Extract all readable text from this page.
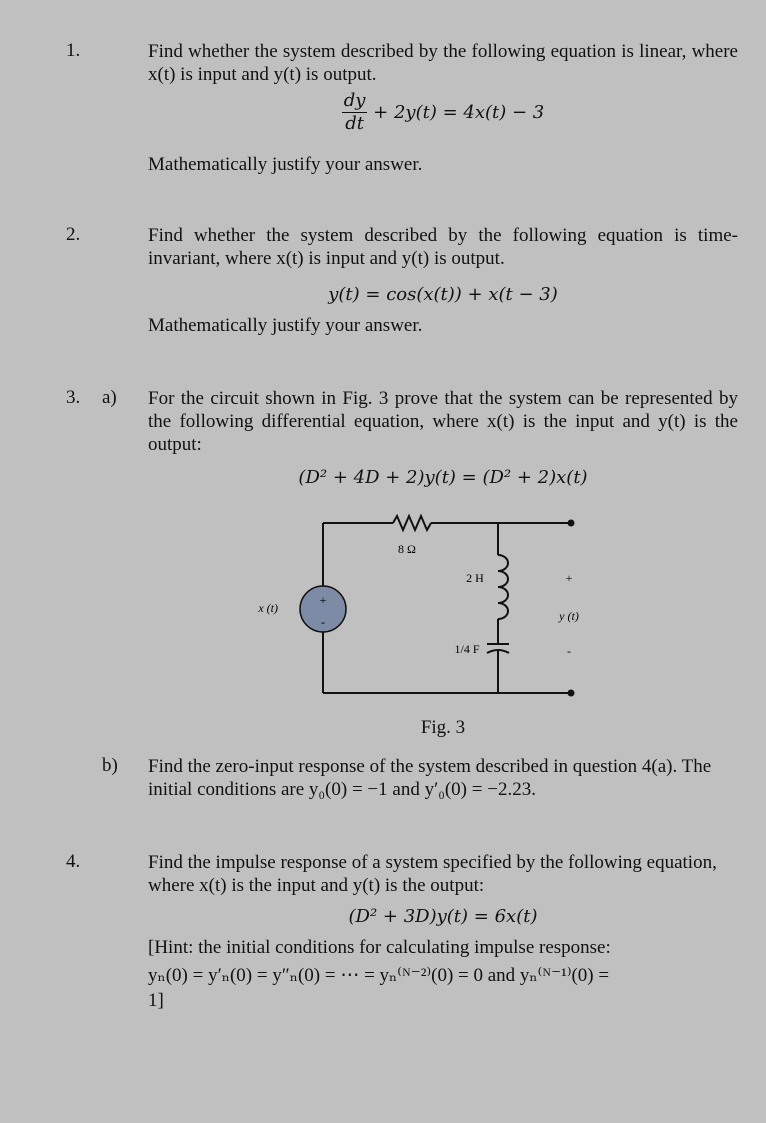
1.	Find whether the system described by the following equation is linear, where x(t) is input and y(t) is output.
$\frac{dy}{dt} + 2y(t) = 4x(t) - 3$
Mathematically justify your answer.
2.	Find whether the system described by the following equation is time-invariant, where x(t) is input and y(t) is output.
y(t) = cos(x(t)) + x(t − 3)
Mathematically justify your answer.
3. a) For the circuit shown in Fig. 3 prove that the system can be represented by the following differential equation, where x(t) is the input and y(t) is the output:
(D² + 4D + 2)y(t) = (D² + 2)x(t)
8 Ω
2 H
1/4 F
x (t)
+
-
+
y (t)
-
Fig. 3
b) Find the zero-input response of the system described in question 4(a). The initial conditions are y₀(0) = −1 and y′₀(0) = −2.23.
4.	Find the impulse response of a system specified by the following equation, where x(t) is the input and y(t) is the output:
(D² + 3D)y(t) = 6x(t)
[Hint: the initial conditions for calculating impulse response:
yₙ(0) = y′ₙ(0) = y″ₙ(0) = ⋯ = yₙ⁽ᴺ⁻²⁾(0) = 0 and yₙ⁽ᴺ⁻¹⁾(0) =
1]
